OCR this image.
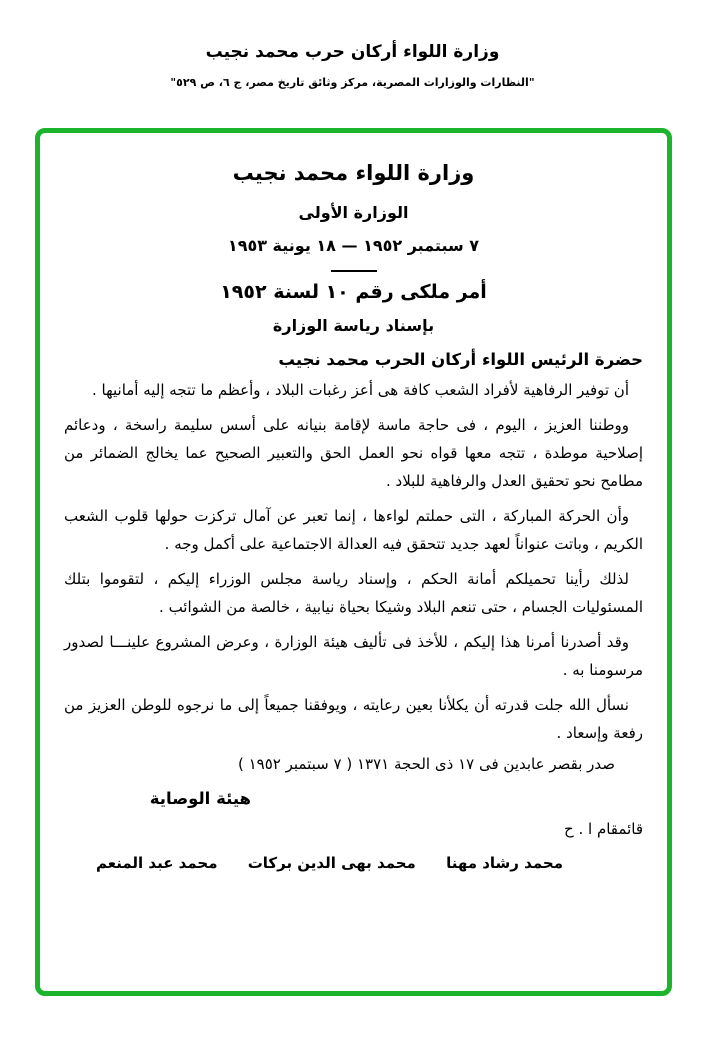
وزارة اللواء أركان حرب محمد نجيب
"النظارات والوزارات المصرية، مركز وثائق تاريخ مصر، ج ٦، ص ٥٢٩"
وزارة اللواء محمد نجيب
الوزارة الأولى
٧ سبتمبر ١٩٥٢ — ١٨ يونية ١٩٥٣
أمر ملكى رقم ١٠ لسنة ١٩٥٢
بإسناد رياسة الوزارة
حضرة الرئيس اللواء أركان الحرب محمد نجيب

أن توفير الرفاهية لأفراد الشعب كافة هى أعز رغبات البلاد ، وأعظم ما تتجه إليه أمانيها .

ووطننا العزيز ، اليوم ، فى حاجة ماسة لإقامة بنيانه على أسس سليمة راسخة ، ودعائم إصلاحية موطدة ، تتجه معها قواه نحو العمل الحق والتعبير الصحيح عما يخالج الضمائر من مطامح نحو تحقيق العدل والرفاهية للبلاد .

وأن الحركة المباركة ، التى حملتم لواءها ، إنما تعبر عن آمال تركزت حولها قلوب الشعب الكريم ، وباتت عنواناً لعهد جديد تتحقق فيه العدالة الاجتماعية على أكمل وجه .

لذلك رأينا تحميلكم أمانة الحكم ، وإسناد رياسة مجلس الوزراء إليكم ، لتقوموا بتلك المسئوليات الجسام ، حتى تنعم البلاد وشيكا بحياة نيابية ، خالصة من الشوائب .

وقد أصدرنا أمرنا هذا إليكم ، للأخذ فى تأليف هيئة الوزارة ، وعرض المشروع علينـــا لصدور مرسومنا به .

نسأل الله جلت قدرته أن يكلأنا بعين رعايته ، ويوفقنا جميعاً إلى ما نرجوه للوطن العزيز من رفعة وإسعاد .

صدر بقصر عابدين فى ١٧ ذى الحجة ١٣٧١ ( ٧ سبتمبر ١٩٥٢ )
هيئة الوصاية
قائمقام ا . ح
محمد رشاد مهنا
محمد بهى الدين بركات
محمد عبد المنعم
